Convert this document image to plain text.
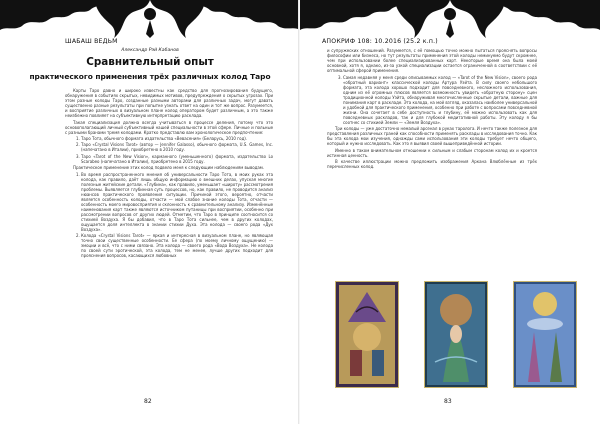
ШАБАШ ВЕДЬМ
Александр Рэй Кабанов
Сравнительный опыт
практического применения трёх различных колод Таро

Карты Таро давно и широко известны как средство для прогнозирования будущего, обнаружения в событиях скрытых, невидимых мотивов, предупреждения о скрытых угрозах. При этом разные колоды Таро, созданные разными авторами для различных задач, могут давать существенно разные результаты при попытке узнать ответ на один и тот же вопрос. Разумеется, и восприятие различных в визуальном плане колод оператором будет различным, а это также неизбежно повлияет на субъективную интерпретацию расклада.

Такая специализация должна всегда учитываться в процессе деления, потому что это основополагающий личный субъективный нашей специальности в этой сфере. Личные и польные с разными бранами тремя колодами. Кратко представлю вам хронологическое предпочтение:

1. Таро Тота, обычного формата издательства «Вевасения» (Беларусь, 2010 год).
2. Таро «Crystal Visions Tarot» (автор — Jennifer Galasso), обычного формата, U.S. Games, Inc. (напечатано в Италии), приобретено в 2010 году.
3. Таро «Tarot of the New Vision», карманного (уменьшенного) формата, издательство Lo Scarabeo (напечатано в Италии), приобретено в 2015 году.

Практическое применение этих колод подвело меня к следующим наблюдениям выводам.

1. Во время распространенного мнения об универсальности Таро Тота, в моих руках эта колода, как правило, даёт лишь общую информацию о внешних делах, упуская многие полезные житейские детали. «Глубина», как правило, уменьшает «широту» рассмотрения проблемы. Выявляется глубинная суть процессов, но, как правило, не проводится анализ нюансов практического проявления ситуации. Причиной этого, вероятно, отчасти является особенность колоды, отчасти — мой слабое знание колоды Тота, отчасти — особенность моего мировосприятия и склонность к сравнительному анализу. Изменённые наименования карт также являются источником путаницы при восприятии, особенно при рассмотрении вопросов от других людей. Отметим, что Таро в принципе соотносится со стихией Воздуха. Я бы добавил, что в Таро Тота сильнее, чем в других колодах, ощущается доля интеллекта в знании стихии Духа. Эта колода — своего рода «Дух Воздуха».
2. Колода «Crystal Visions Tarot» — яркая и интересная в визуальном плане, но являющая точно свои существенные особенности. Ее сфера (по моему личному ощущению) — эмоции и всё, что с ними связано. Эта колода — своего рода «Вода Воздуха». Не колода по своей сути эротической, эта колода, тем не менее, лучше других подходит для прояснения вопросов, касающихся любовных
82
АПОКРИФ 108: 10.2016 (25.2 к.п.)

и супружеских отношений. Разумеется, с её помощью точно можно пытаться прояснять вопросы философии или бизнеса, но тут результаты применения этой колоды неминуемо будут скромнее, чем при использовании более специализированных карт. Некоторые время она была моей основной, хотя я, однако, из-за узкой специализации остается ограниченной в соответствии с её оптимальной сферой применения.

3. Самая недавняя у меня среди описываемых колод — «Tarot of the New Vision», своего рода «обратный вариант» классической колоды Артура Уэйта. В силу своего небольшого формата, эта колода хорошо подходит для повседневного, несложного использования, одним из её огромных плюсов является возможность увидеть «обратную сторону» сцен традиционной колоды Уэйта, обнаруживая многочисленные скрытые детали, важные для понимания карт в раскладе. Эта колода, на мой взгляд, оказалась наиболее универсальной и удобной для практического применения, особенно при работе с вопросами повседневной жизни. Она сочетает в себе доступность и глубину, её можно использовать как для повседневных раскладов, так и для глубокой медитативной работы. Эту колоду я бы соотнес со стихией Земли — «Земля Воздуха».

Три колоды — уже достаточно немалый арсенал в руках таролога. И нечто также полезное для представления различных граней как способности применять расклады в исследования точно. Как бы эта колода мои изучения, однажды сами использования эти колоды требует нечто общего, который и нужно исследовать. Как это я выявил своей вышеприведённой истории.

Именно в таком внимательном отношении к сильным и слабым сторонам колод их и кроется истинная ценность.

В качестве иллюстрации можно предложить изображения Аркана Влюблённые из трёх перечисленных колод.

83
